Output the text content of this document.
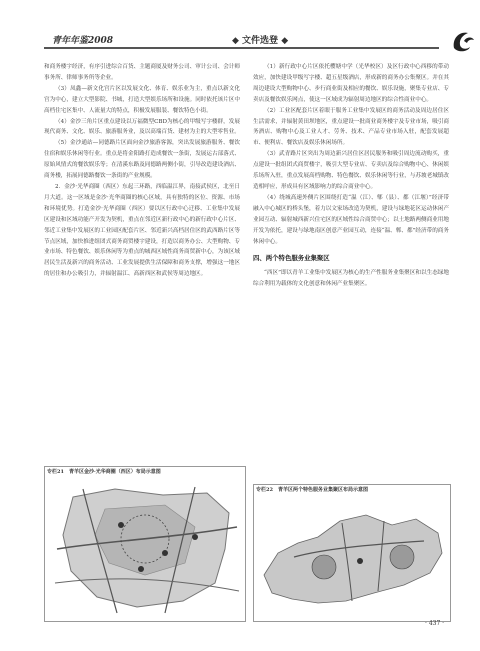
青年年鉴2008	◆ 文件选登 ◆

和商务楼宇经济，有序引进综合百货、主题商厦及财务公司、审计公司、会计师事务所、律师事务所等企业。

（3）凤鑫—新文化宫片区以发展文化、体育、娱乐业为主，重点以新文化宫为中心，建立大型影院、书城，打造大型娱乐场所和设施。同时依托该片区中高档住宅区集中、人流量大的特点，积极发展服装、餐饮特色小街。

（4）金沙三角片区重点建设以万福微型CBD为核心的甲级写字楼群，发展现代商务、文化、娱乐、旅游服务业，及以高端百货、建材为主的大型零售业。

（5）金沙通站—同德路片区面向金沙旅游客源，突出发展旅游服务、餐饮住宿和娱乐休闲等行业。重点是将金阳路打造成餐饮一条街，发展运古部落式、原始风情式的餐饮娱乐等；在清溪东路及同德路两侧小街，引导改造建设酒店、商务楼，拓展同德路餐饮一条街的产业规模。

2．金沙·光华商圈（西区）东起三环路，西临温江界，南接武侯区，北至日月大道。这一区域是金沙·光华商圈的核心区域，具有独特的区位、资源、市场和环境优势。打造金沙·光华商圈（西区）要以区行政中心迁移、工业集中发展区建设和区域功能产开发为契机，重点在邻近区新行政中心的新行政中心片区、邻近工业集中发展区的工业园区配套片区、邻近新兴高档居住区的武西路片区等节点区域，加快推进组团式商务商贸楼宇建设，打造以商务办公、大型购物、专业市场、特色餐饮、娱乐休闲等为重点的城西区域性商务商贸新中心，为该区域居民生活及新兴的商务活动、工业发展提供生活保障和商务支撑，增强这一地区的居住和办公吸引力，并辐射温江、高新西区和武侯等周边地区。

（1）新行政中心片区依托樱塘中学（光华校区）及区行政中心西移的带动效应，加快建设甲级写字楼、超五星级酒店，形成新的商务办公集聚区。并在其周边建设大型购物中心、步行商业街及相应的餐饮、娱乐设施，聚集专业店、专卖店及餐饮娱乐网点，使这一区域成为辐射周边地区的综合性商业中心。

（2）工业区配套片区着眼于服务工业集中发展区的商务活动及周边居住区生活需求，并辐射黄田坝地区，重点建设一批商业商务楼宇及专业市场，吸引商务酒店、购物中心及工业人才、劳务、技术、产品专业市场入驻，配套发展超市、便利店、餐饮店及娱乐休闲场所。

（3）武青路片区突出为周边新兴居住区居民服务和吸引周边流动购买，重点建设一批组团式商贸楼宇，吸引大型专业店、专卖店及综合购物中心、休闲娱乐场所入驻，重点发展高档购物、特色餐饮、娱乐休闲等行业，与苏坡老城镇改造相呼应，形成具有区域影响力的综合商业中心。

（4）绕城高速外侧片区围绕打造“温（江）、郫（县）、都（江堰）”经济带融入中心城区的桥头堡，着力以文家场改造为契机，建设与绿地花区运动休闲产业园互动、辐射城西新兴住宅区的区域性综合商贸中心；以土地路两侧商业用地开发为依托，建设与绿地南区创意产业园互动，连接“温、郫、都”经济带的商务休闲中心。

四、两个特色服务业集聚区

“西区”即以青羊工业集中发展区为核心的生产性服务业集聚区和以生态绿地综合利用为载体的文化创意和休闲产业集聚区。

专栏21　青羊区金沙·光华商圈（西区）布局示意图
专栏22　青羊区两个特色服务业集聚区布局示意图
· 437 ·
